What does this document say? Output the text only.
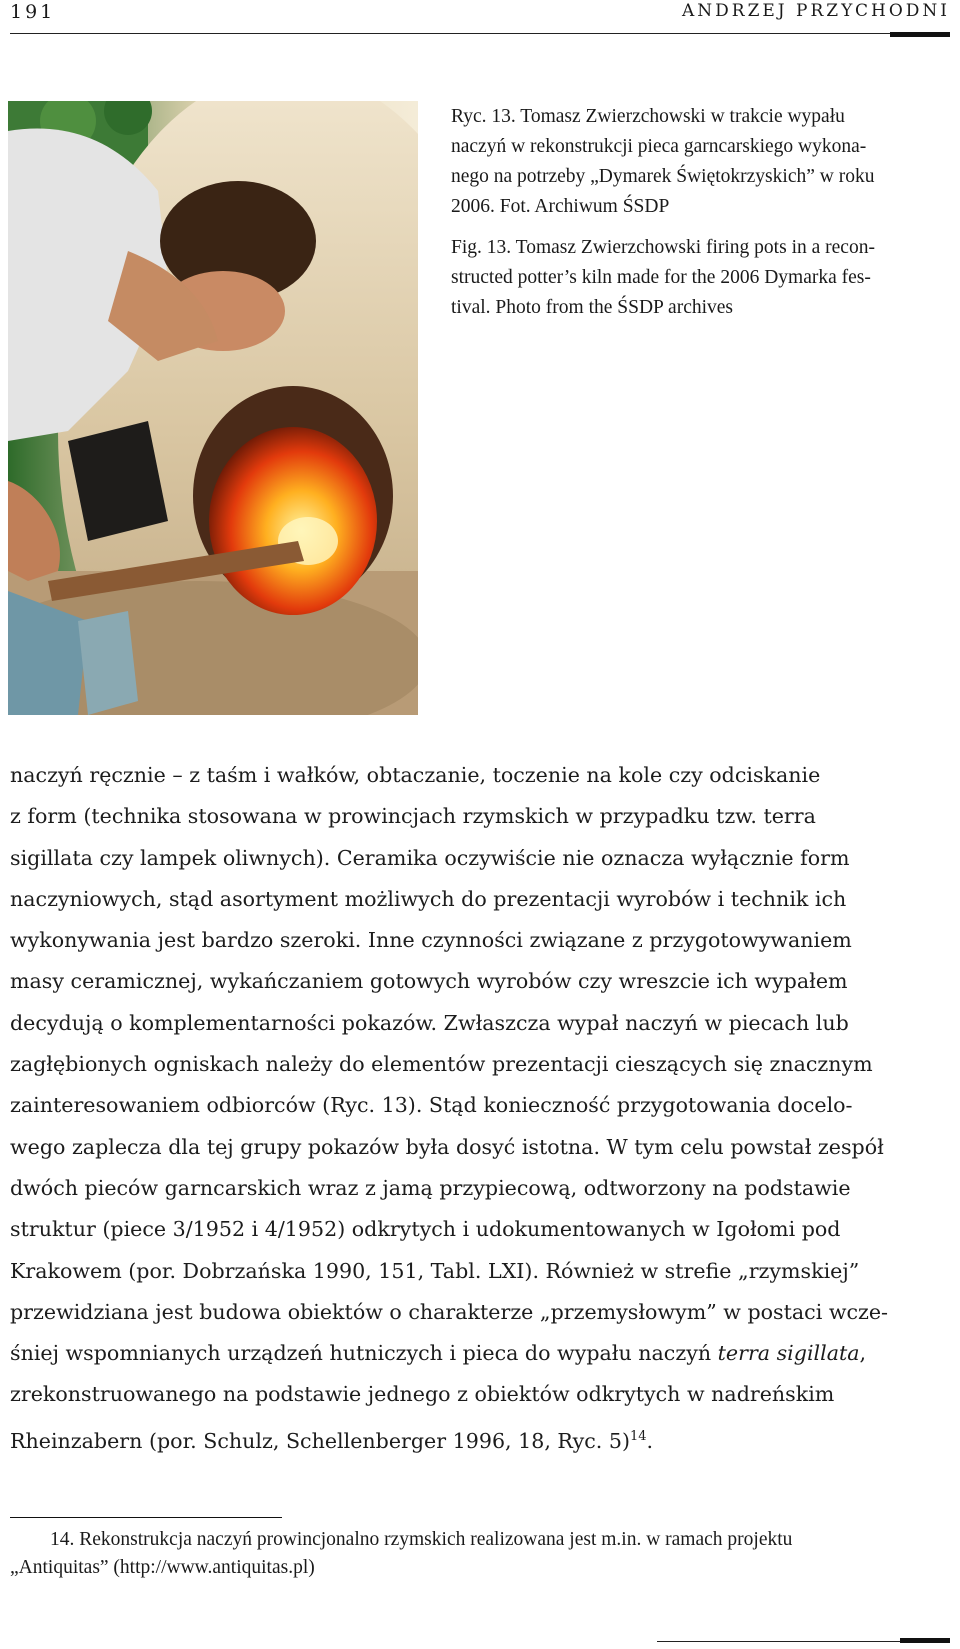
191	ANDRZEJ PRZYCHODNI

Ryc. 13. Tomasz Zwierzchowski w trakcie wypału
naczyń w rekonstrukcji pieca garncarskiego wykona-
nego na potrzeby „Dymarek Świętokrzyskich” w roku
2006. Fot. Archiwum ŚSDP

Fig. 13. Tomasz Zwierzchowski firing pots in a recon-
structed potter’s kiln made for the 2006 Dymarka fes-
tival. Photo from the ŚSDP archives

naczyń ręcznie – z taśm i wałków, obtaczanie, toczenie na kole czy odciskanie
z form (technika stosowana w prowincjach rzymskich w przypadku tzw. terra
sigillata czy lampek oliwnych). Ceramika oczywiście nie oznacza wyłącznie form
naczyniowych, stąd asortyment możliwych do prezentacji wyrobów i technik ich
wykonywania jest bardzo szeroki. Inne czynności związane z przygotowywaniem
masy ceramicznej, wykańczaniem gotowych wyrobów czy wreszcie ich wypałem
decydują o komplementarności pokazów. Zwłaszcza wypał naczyń w piecach lub
zagłębionych ogniskach należy do elementów prezentacji cieszących się znacznym
zainteresowaniem odbiorców (Ryc. 13). Stąd konieczność przygotowania docelo-
wego zaplecza dla tej grupy pokazów była dosyć istotna. W tym celu powstał zespół
dwóch pieców garncarskich wraz z jamą przypiecową, odtworzony na podstawie
struktur (piece 3/1952 i 4/1952) odkrytych i udokumentowanych w Igołomi pod
Krakowem (por. Dobrzańska 1990, 151, Tabl. LXI). Również w strefie „rzymskiej”
przewidziana jest budowa obiektów o charakterze „przemysłowym” w postaci wcze-
śniej wspomnianych urządzeń hutniczych i pieca do wypału naczyń terra sigillata,
zrekonstruowanego na podstawie jednego z obiektów odkrytych w nadreńskim
Rheinzabern (por. Schulz, Schellenberger 1996, 18, Ryc. 5)$^{14}$.
14. Rekonstrukcja naczyń prowincjonalno rzymskich realizowana jest m.in. w ramach projektu
„Antiquitas” (http://www.antiquitas.pl)
